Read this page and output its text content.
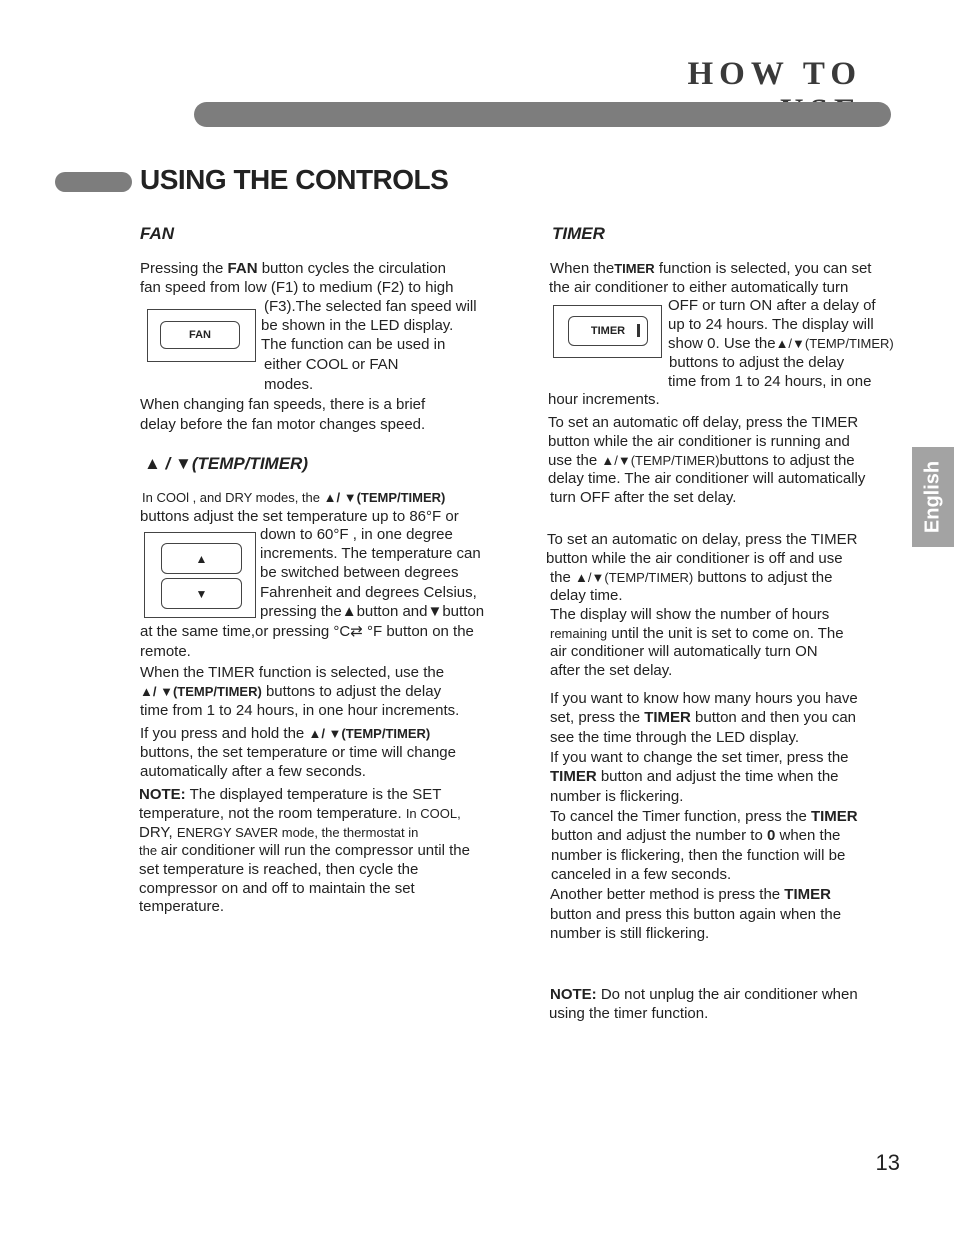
HOW TO
USING THE CONTROLS
English
FAN
Pressing the FAN button cycles the circulation
fan speed from low (F1) to medium (F2) to high
FAN
(F3).The selected fan speed will
be shown in the LED display.
The function can be used in
either COOL or FAN
modes.
When changing fan speeds, there is a brief
delay before the fan motor changes speed.
▲ / ▼(TEMP/TIMER)
In COOl , and DRY modes, the ▲/ ▼(TEMP/TIMER)
buttons adjust the set temperature up to 86°F or
▲
▼
down to 60°F , in one degree
increments. The temperature can
be switched between degrees
Fahrenheit and degrees Celsius,
pressing the▲button and▼button
at the same time,or pressing °C⇄ °F button on the
remote.
When the TIMER function is selected, use the
▲/ ▼(TEMP/TIMER) buttons to adjust the delay
time from 1 to 24 hours, in one hour increments.
If you press and hold the ▲/ ▼(TEMP/TIMER)
buttons, the set temperature or time will change
automatically after a few seconds.
NOTE: The displayed temperature is the SET
temperature, not the room temperature. In COOL,
DRY, ENERGY SAVER mode, the thermostat in
the air conditioner will run the compressor until the
set temperature is reached, then cycle the
compressor on and off to maintain the set
temperature.
TIMER
When theTIMER function is selected, you can set
the air conditioner to either automatically turn
TIMER
OFF or turn ON after a delay of
up to 24 hours. The display will
show 0. Use the▲/▼(TEMP/TIMER)
buttons to adjust the delay
time from 1 to 24 hours, in one
hour increments.
To set an automatic off delay, press the TIMER
button while the air conditioner is running and
use the ▲/▼(TEMP/TIMER)buttons to adjust the
delay time. The air conditioner will automatically
turn OFF after the set delay.
To set an automatic on delay, press the TIMER
button while the air conditioner is off and use
the ▲/▼(TEMP/TIMER) buttons to adjust the
delay time.
The display will show the number of hours
remaining until the unit is set to come on. The
air conditioner will automatically turn ON
after the set delay.
If you want to know how many hours you have
set, press the TIMER button and then you can
see the time through the LED display.
If you want to change the set timer, press the
TIMER button and adjust the time when the
number is flickering.
To cancel the Timer function, press the TIMER
button and adjust the number to 0 when the
number is flickering, then the function will be
canceled in a few seconds.
Another better method is press the TIMER
button and press this button again when the
number is still flickering.
NOTE: Do not unplug the air conditioner when
using the timer function.
13
